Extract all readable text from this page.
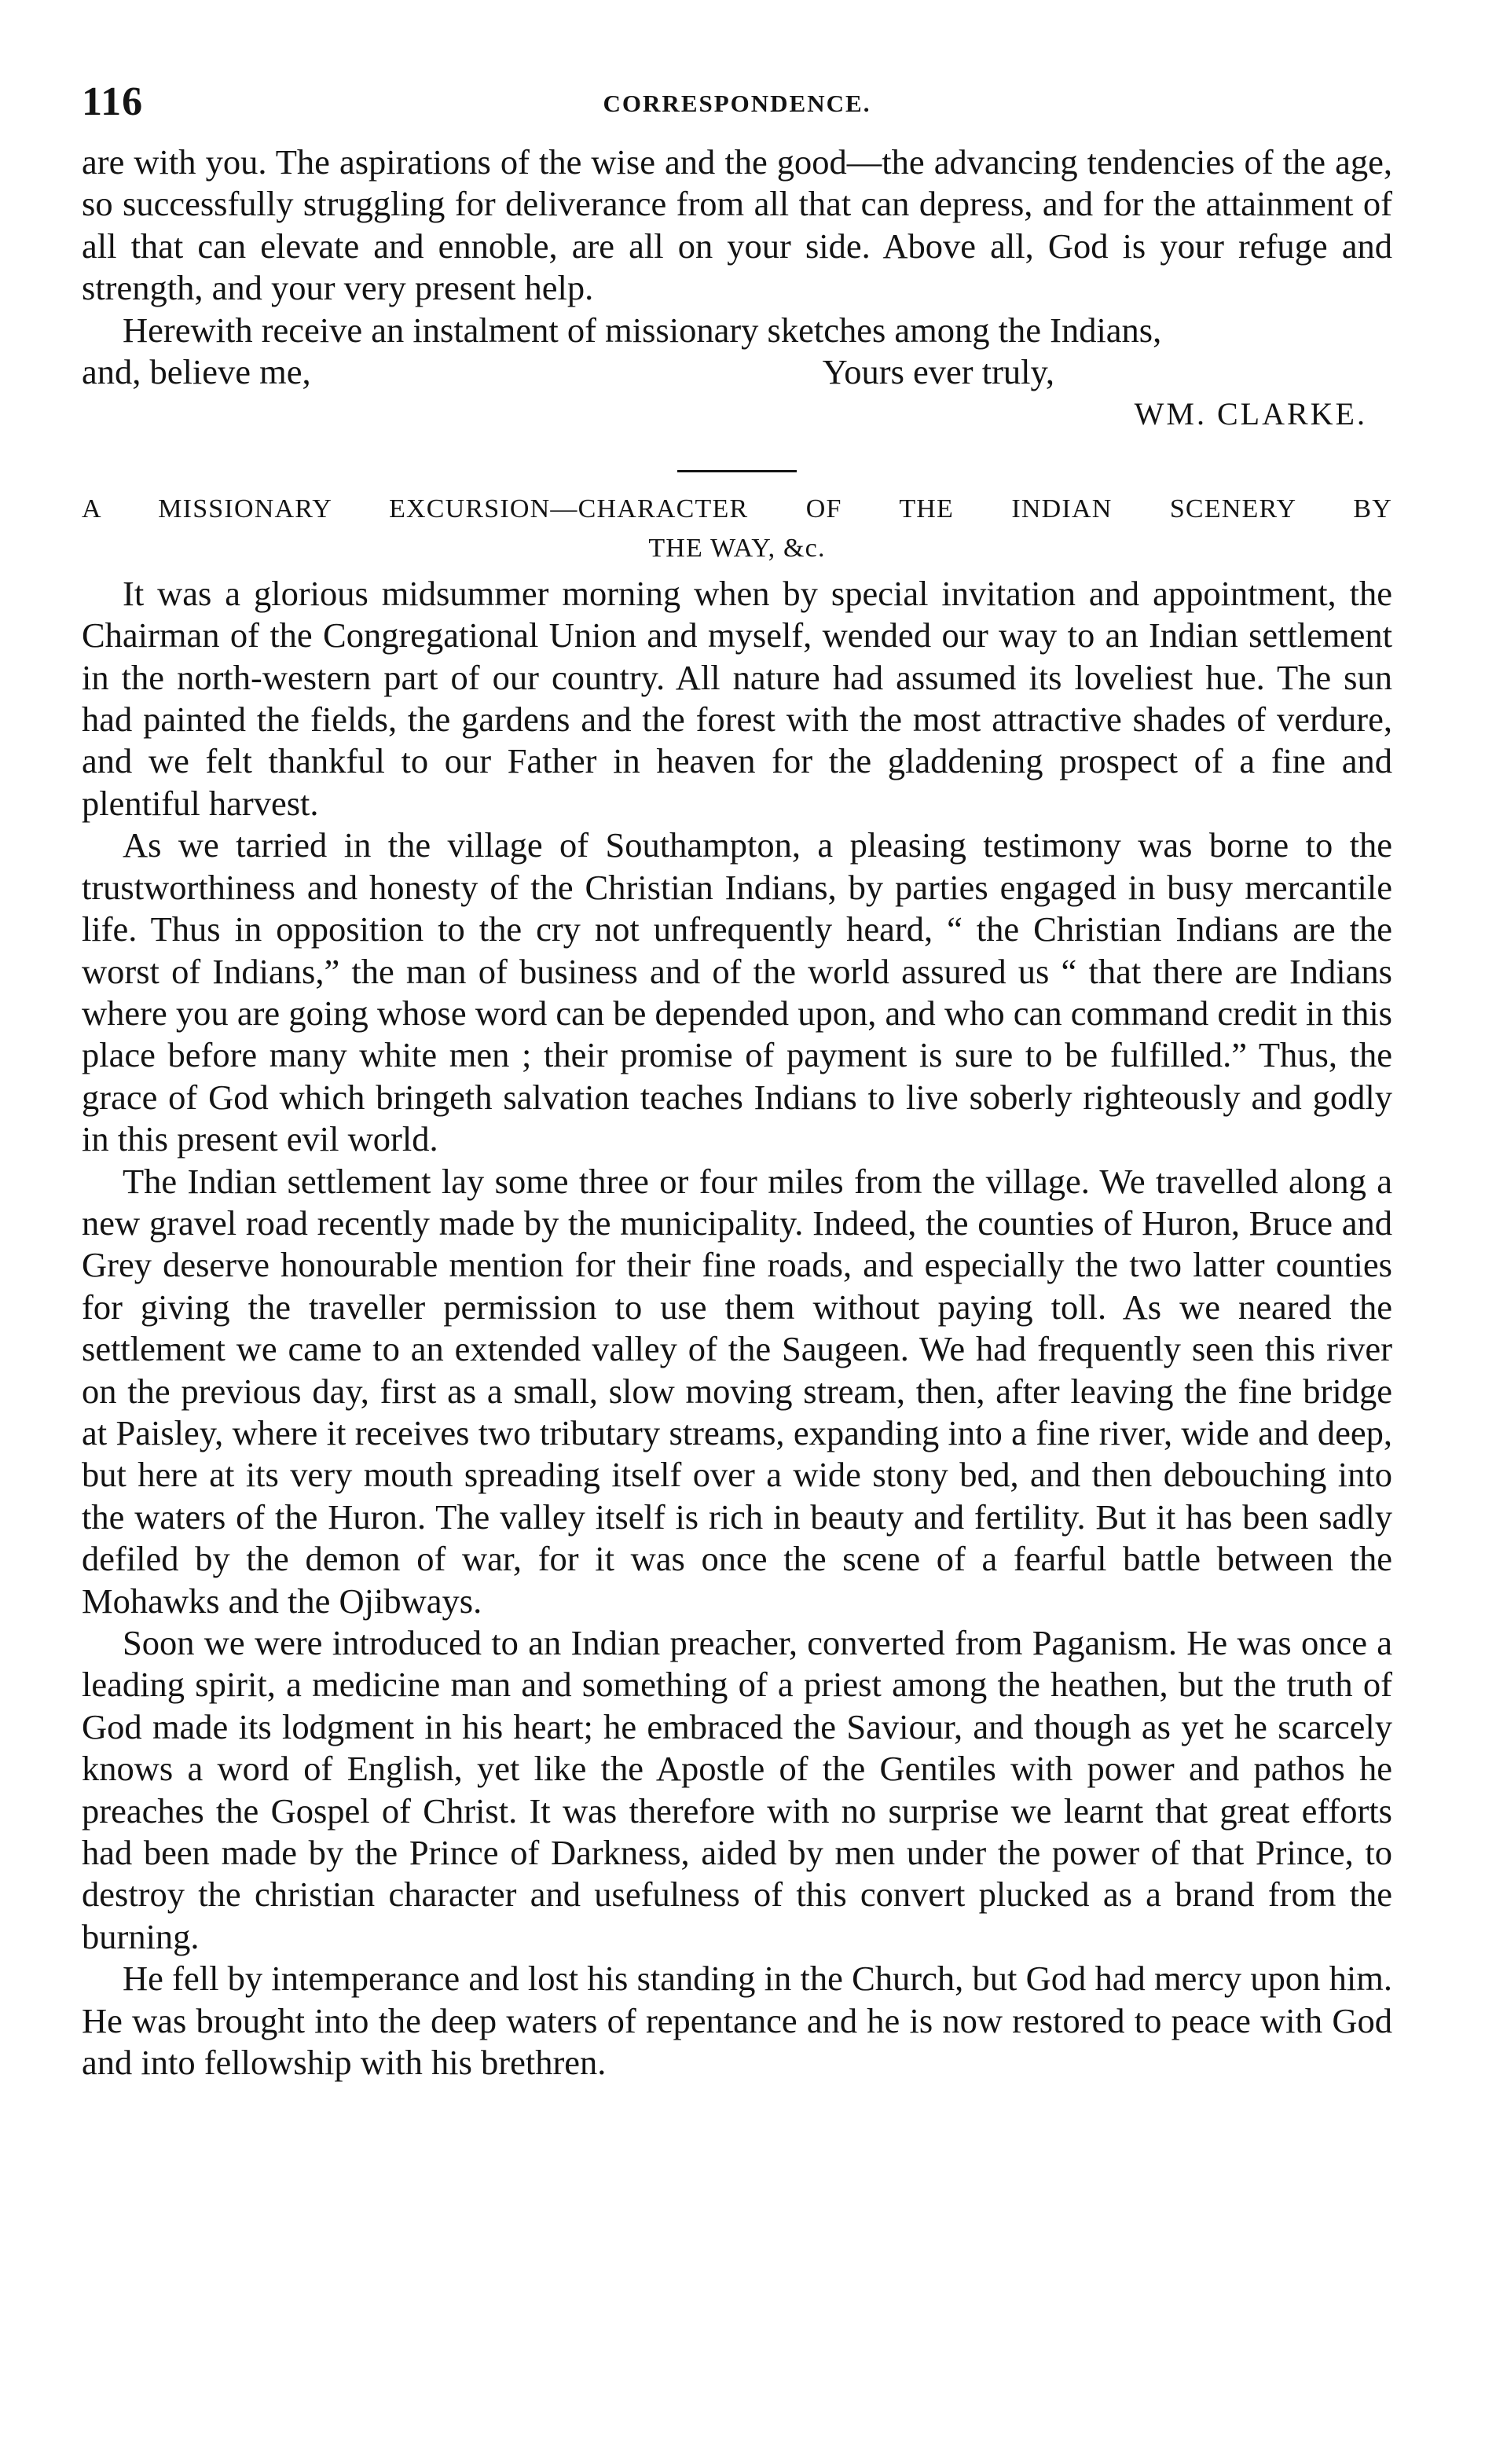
116	CORRESPONDENCE.

are with you. The aspirations of the wise and the good—the advancing tendencies of the age, so successfully struggling for deliverance from all that can depress, and for the attainment of all that can elevate and ennoble, are all on your side. Above all, God is your refuge and strength, and your very present help.

Herewith receive an instalment of missionary sketches among the Indians,

and, believe me,	Yours ever truly,
WM. CLARKE.
A MISSIONARY EXCURSION—CHARACTER OF THE INDIAN SCENERY BY
THE WAY, &c.

It was a glorious midsummer morning when by special invitation and appointment, the Chairman of the Congregational Union and myself, wended our way to an Indian settlement in the north-western part of our country. All nature had assumed its loveliest hue. The sun had painted the fields, the gardens and the forest with the most attractive shades of verdure, and we felt thankful to our Father in heaven for the gladdening prospect of a fine and plentiful harvest.

As we tarried in the village of Southampton, a pleasing testimony was borne to the trustworthiness and honesty of the Christian Indians, by parties engaged in busy mercantile life. Thus in opposition to the cry not unfrequently heard, “ the Christian Indians are the worst of Indians,” the man of business and of the world assured us “ that there are Indians where you are going whose word can be depended upon, and who can command credit in this place before many white men ; their promise of payment is sure to be fulfilled.” Thus, the grace of God which bringeth salvation teaches Indians to live soberly righteously and godly in this present evil world.

The Indian settlement lay some three or four miles from the village. We travelled along a new gravel road recently made by the municipality. Indeed, the counties of Huron, Bruce and Grey deserve honourable mention for their fine roads, and especially the two latter counties for giving the traveller permission to use them without paying toll. As we neared the settlement we came to an extended valley of the Saugeen. We had frequently seen this river on the previous day, first as a small, slow moving stream, then, after leaving the fine bridge at Paisley, where it receives two tributary streams, expanding into a fine river, wide and deep, but here at its very mouth spreading itself over a wide stony bed, and then debouching into the waters of the Huron. The valley itself is rich in beauty and fertility. But it has been sadly defiled by the demon of war, for it was once the scene of a fearful battle between the Mohawks and the Ojibways.

Soon we were introduced to an Indian preacher, converted from Paganism. He was once a leading spirit, a medicine man and something of a priest among the heathen, but the truth of God made its lodgment in his heart; he embraced the Saviour, and though as yet he scarcely knows a word of English, yet like the Apostle of the Gentiles with power and pathos he preaches the Gospel of Christ. It was therefore with no surprise we learnt that great efforts had been made by the Prince of Darkness, aided by men under the power of that Prince, to destroy the christian character and usefulness of this convert plucked as a brand from the burning.

He fell by intemperance and lost his standing in the Church, but God had mercy upon him. He was brought into the deep waters of repentance and he is now restored to peace with God and into fellowship with his brethren.
